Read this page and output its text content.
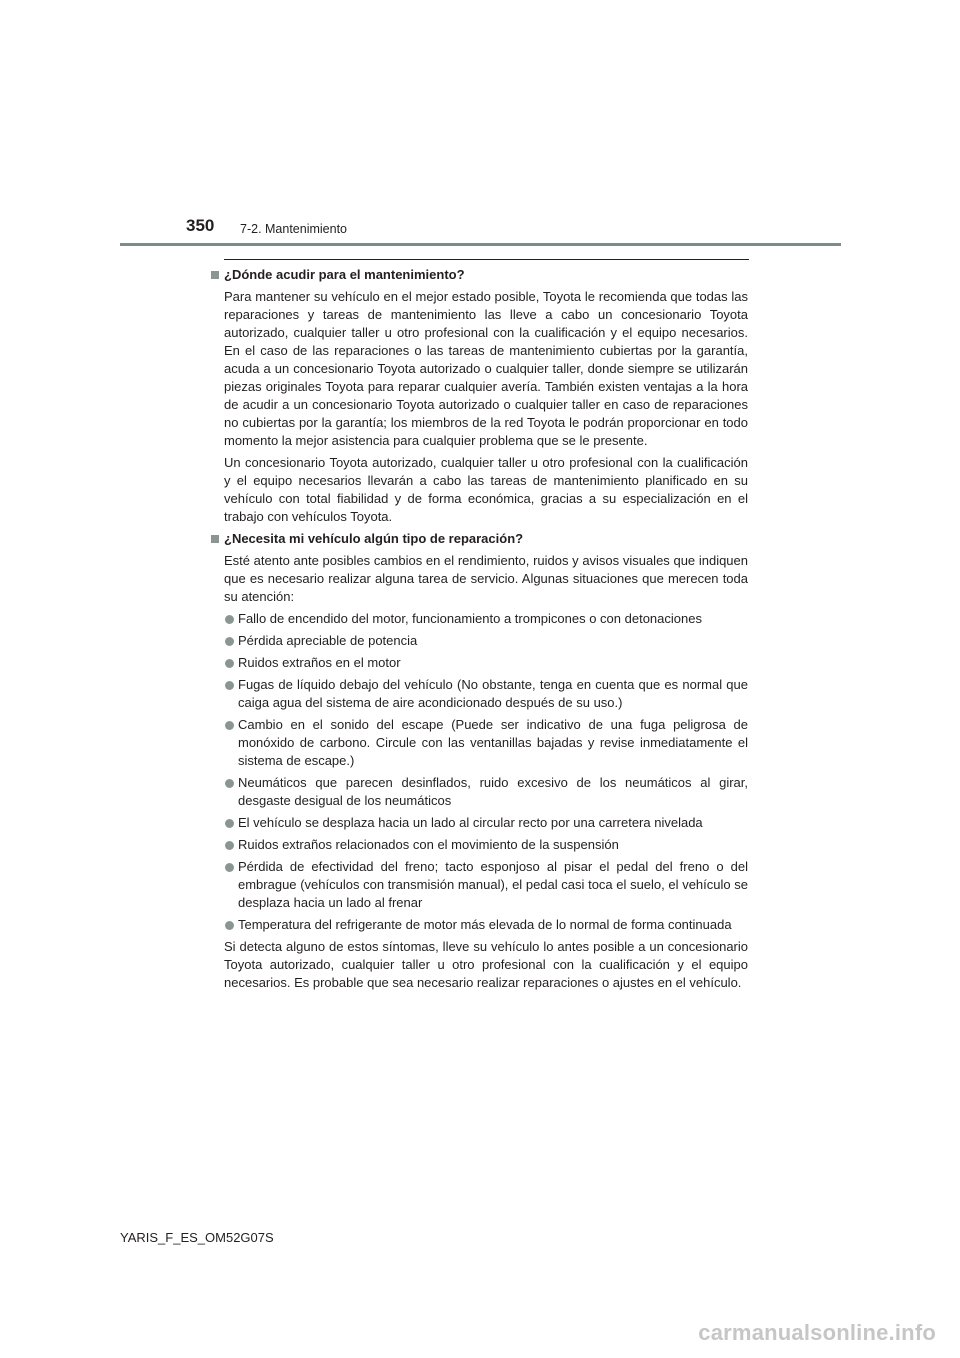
350 7-2. Mantenimiento

¿Dónde acudir para el mantenimiento?

Para mantener su vehículo en el mejor estado posible, Toyota le recomienda que todas las reparaciones y tareas de mantenimiento las lleve a cabo un concesionario Toyota autorizado, cualquier taller u otro profesional con la cualificación y el equipo necesarios. En el caso de las reparaciones o las tareas de mantenimiento cubiertas por la garantía, acuda a un concesionario Toyota autorizado o cualquier taller, donde siempre se utilizarán piezas originales Toyota para reparar cualquier avería. También existen ventajas a la hora de acudir a un concesionario Toyota autorizado o cualquier taller en caso de reparaciones no cubiertas por la garantía; los miembros de la red Toyota le podrán proporcionar en todo momento la mejor asistencia para cualquier problema que se le presente.

Un concesionario Toyota autorizado, cualquier taller u otro profesional con la cualificación y el equipo necesarios llevarán a cabo las tareas de mantenimiento planificado en su vehículo con total fiabilidad y de forma económica, gracias a su especialización en el trabajo con vehículos Toyota.

¿Necesita mi vehículo algún tipo de reparación?

Esté atento ante posibles cambios en el rendimiento, ruidos y avisos visuales que indiquen que es necesario realizar alguna tarea de servicio. Algunas situaciones que merecen toda su atención:

Fallo de encendido del motor, funcionamiento a trompicones o con detonaciones
Pérdida apreciable de potencia
Ruidos extraños en el motor
Fugas de líquido debajo del vehículo (No obstante, tenga en cuenta que es normal que caiga agua del sistema de aire acondicionado después de su uso.)
Cambio en el sonido del escape (Puede ser indicativo de una fuga peligrosa de monóxido de carbono. Circule con las ventanillas bajadas y revise inmediatamente el sistema de escape.)
Neumáticos que parecen desinflados, ruido excesivo de los neumáticos al girar, desgaste desigual de los neumáticos
El vehículo se desplaza hacia un lado al circular recto por una carretera nivelada
Ruidos extraños relacionados con el movimiento de la suspensión
Pérdida de efectividad del freno; tacto esponjoso al pisar el pedal del freno o del embrague (vehículos con transmisión manual), el pedal casi toca el suelo, el vehículo se desplaza hacia un lado al frenar
Temperatura del refrigerante de motor más elevada de lo normal de forma continuada

Si detecta alguno de estos síntomas, lleve su vehículo lo antes posible a un concesionario Toyota autorizado, cualquier taller u otro profesional con la cualificación y el equipo necesarios. Es probable que sea necesario realizar reparaciones o ajustes en el vehículo.

YARIS_F_ES_OM52G07S
carmanualsonline.info
